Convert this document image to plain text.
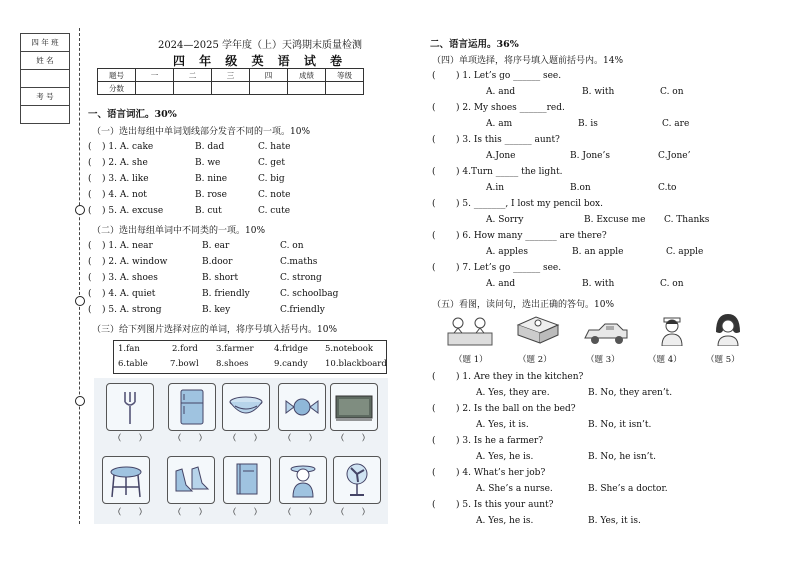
四 年 班
姓 名

考 号

2024—2025 学年度（上）天鸿期末质量检测
四 年 级 英 语 试 卷
题号	一	二	三	四	成绩	等级
分数						
一、语言词汇。30%
（一）选出每组中单词划线部分发音不同的一项。10%
( ) 1. A. cake	B. dad	C. hate
( ) 2. A. she	B. we	C. get
( ) 3. A. like	B. nine	C. big
( ) 4. A. not	B. rose	C. note
( ) 5. A. excuse	B. cut	C. cute
（二）选出每组单词中不同类的一项。10%
( ) 1. A. near	B. ear	C. on
( ) 2. A. window	B.door	C.maths
( ) 3. A. shoes	B. short	C. strong
( ) 4. A. quiet	B. friendly	C. schoolbag
( ) 5. A. strong	B. key	C.friendly
（三）给下列图片选择对应的单词，将序号填入括号内。10%
1.fan	2.ford 3.farmer 4.fridge 5.notebook
6.table	7.bowl 8.shoes	9.candy 10.blackboard
（　　）	（　　） （　　） （　　） （　　）
（　　）	（　　） （　　） （　　） （　　）
二、语言运用。36%
（四）单项选择，将序号填入题前括号内。14%
( ) 1. Let’s go ______ see.
A. and	B. with	C. on
( ) 2. My shoes ______red.
A. am	B. is	C. are
( ) 3. Is this ______ aunt?
A.Jone	B. Jone’s	C.Jone’
( ) 4.Turn _____ the light.
A.in	B.on	C.to
( ) 5. _______, I lost my pencil box.
A. Sorry	B. Excuse me C. Thanks
( ) 6. How many _______ are there?
A. apples	B. an apple	C. apple
( ) 7. Let’s go ______ see.
A. and	B. with	C. on
（五）看图，读问句，选出正确的答句。10%
（题 1）	（题 2）	（题 3）	（题 4）	（题 5）
( ) 1. Are they in the kitchen?
A. Yes, they are.	B. No, they aren’t.
( ) 2. Is the ball on the bed?
A. Yes, it is.	B. No, it isn’t.
( ) 3. Is he a farmer?
A. Yes, he is.	B. No, he isn’t.
( ) 4. What’s her job?
A. She’s a nurse.	B. She’s a doctor.
( ) 5. Is this your aunt?
A. Yes, he is.	B. Yes, it is.
